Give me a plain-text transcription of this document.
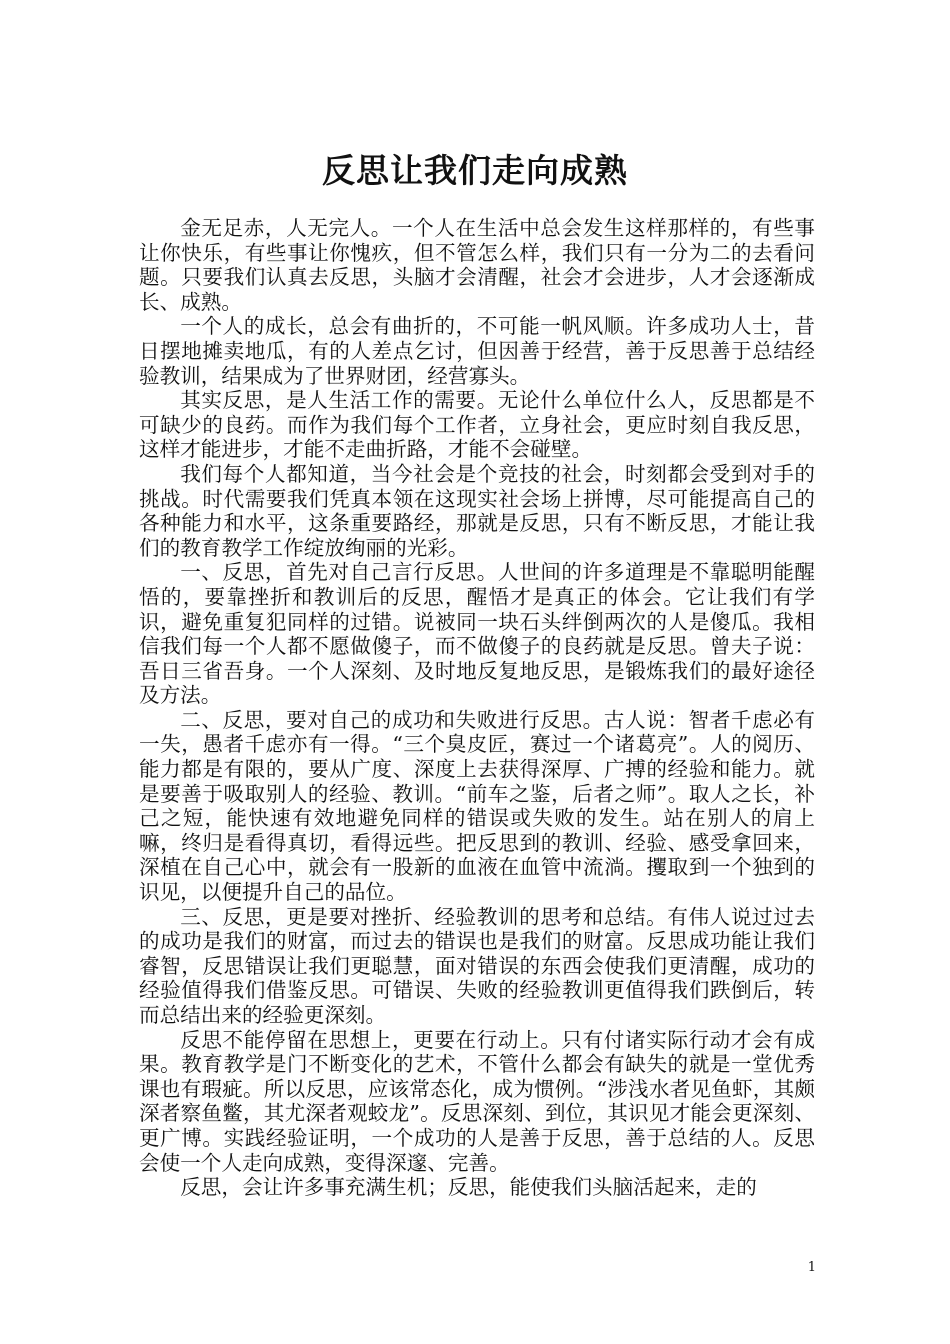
反思让我们走向成熟

金无足赤，人无完人。一个人在生活中总会发生这样那样的，有些事让你快乐，有些事让你愧疚，但不管怎么样，我们只有一分为二的去看问题。只要我们认真去反思，头脑才会清醒，社会才会进步，人才会逐渐成长、成熟。

一个人的成长，总会有曲折的，不可能一帆风顺。许多成功人士，昔日摆地摊卖地瓜，有的人差点乞讨，但因善于经营，善于反思善于总结经验教训，结果成为了世界财团，经营寡头。

其实反思，是人生活工作的需要。无论什么单位什么人，反思都是不可缺少的良药。而作为我们每个工作者，立身社会，更应时刻自我反思，这样才能进步，才能不走曲折路，才能不会碰壁。

我们每个人都知道，当今社会是个竞技的社会，时刻都会受到对手的挑战。时代需要我们凭真本领在这现实社会场上拼博，尽可能提高自己的各种能力和水平，这条重要路经，那就是反思，只有不断反思，才能让我们的教育教学工作绽放绚丽的光彩。

一、反思，首先对自己言行反思。人世间的许多道理是不靠聪明能醒悟的，要靠挫折和教训后的反思，醒悟才是真正的体会。它让我们有学识，避免重复犯同样的过错。说被同一块石头绊倒两次的人是傻瓜。我相信我们每一个人都不愿做傻子，而不做傻子的良药就是反思。曾夫子说：吾日三省吾身。一个人深刻、及时地反复地反思，是锻炼我们的最好途径及方法。

二、反思，要对自己的成功和失败进行反思。古人说：智者千虑必有一失，愚者千虑亦有一得。“三个臭皮匠，赛过一个诸葛亮”。人的阅历、能力都是有限的，要从广度、深度上去获得深厚、广搏的经验和能力。就是要善于吸取别人的经验、教训。“前车之鉴，后者之师”。取人之长，补己之短，能快速有效地避免同样的错误或失败的发生。站在别人的肩上嘛，终归是看得真切，看得远些。把反思到的教训、经验、感受拿回来，深植在自己心中，就会有一股新的血液在血管中流淌。攫取到一个独到的识见，以便提升自己的品位。

三、反思，更是要对挫折、经验教训的思考和总结。有伟人说过过去的成功是我们的财富，而过去的错误也是我们的财富。反思成功能让我们睿智，反思错误让我们更聪慧，面对错误的东西会使我们更清醒，成功的经验值得我们借鉴反思。可错误、失败的经验教训更值得我们跌倒后，转而总结出来的经验更深刻。

反思不能停留在思想上，更要在行动上。只有付诸实际行动才会有成果。教育教学是门不断变化的艺术，不管什么都会有缺失的就是一堂优秀课也有瑕疵。所以反思，应该常态化，成为惯例。“涉浅水者见鱼虾，其颇深者察鱼鳖，其尤深者观蛟龙”。反思深刻、到位，其识见才能会更深刻、更广博。实践经验证明，一个成功的人是善于反思，善于总结的人。反思会使一个人走向成熟，变得深邃、完善。

反思，会让许多事充满生机；反思，能使我们头脑活起来，走的

1
